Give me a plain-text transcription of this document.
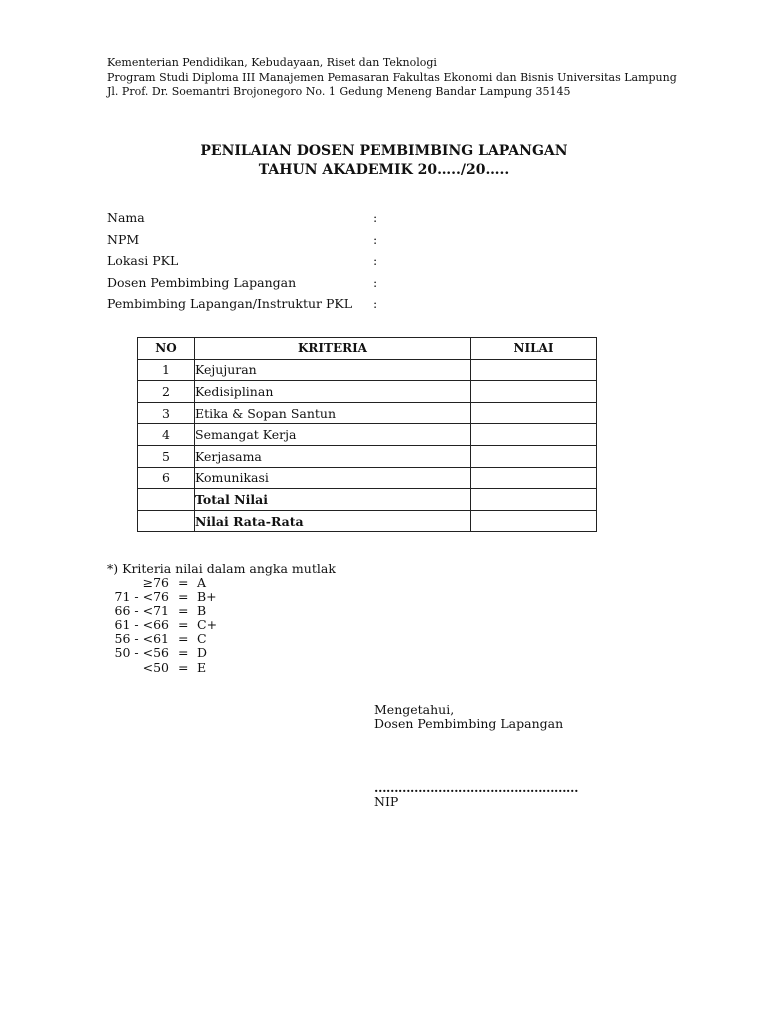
Kementerian Pendidikan, Kebudayaan, Riset dan Teknologi
Program Studi Diploma III Manajemen Pemasaran Fakultas Ekonomi dan Bisnis Universitas Lampung
Jl. Prof. Dr. Soemantri Brojonegoro No. 1 Gedung Meneng Bandar Lampung 35145
PENILAIAN DOSEN PEMBIMBING LAPANGAN
TAHUN AKADEMIK 20…../20…..
Nama	:
NPM	:
Lokasi PKL	:
Dosen Pembimbing Lapangan	:
Pembimbing Lapangan/Instruktur PKL :
NO	KRITERIA	NILAI
1	Kejujuran	
2	Kedisiplinan	
3	Etika & Sopan Santun	
4	Semangat Kerja	
5	Kerjasama	
6	Komunikasi	
	Total Nilai	
	Nilai Rata-Rata	
*) Kriteria nilai dalam angka mutlak
≥76 = A
71 - <76 = B+
66 - <71 = B
61 - <66 = C+
56 - <61 = C
50 - <56 = D
<50 = E
Mengetahui,
Dosen Pembimbing Lapangan
……………………………………………
NIP
